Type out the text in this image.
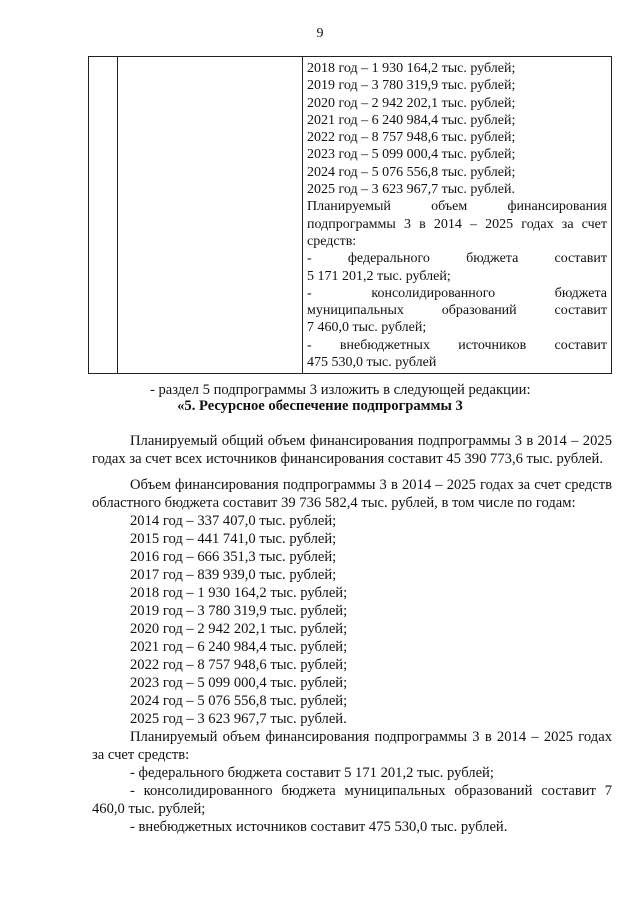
9

2018 год – 1 930 164,2 тыс. рублей;
2019 год – 3 780 319,9 тыс. рублей;
2020 год – 2 942 202,1 тыс. рублей;
2021 год – 6 240 984,4 тыс. рублей;
2022 год – 8 757 948,6 тыс. рублей;
2023 год – 5 099 000,4 тыс. рублей;
2024 год – 5 076 556,8 тыс. рублей;
2025 год – 3 623 967,7 тыс. рублей.
Планируемый объем финансирования
подпрограммы 3 в 2014 – 2025 годах за счет
средств:
- федерального бюджета составит
5 171 201,2 тыс. рублей;
- консолидированного бюджета
муниципальных образований составит
7 460,0 тыс. рублей;
- внебюджетных источников составит
475 530,0 тыс. рублей
- раздел 5 подпрограммы 3 изложить в следующей редакции:
«5. Ресурсное обеспечение подпрограммы 3
Планируемый общий объем финансирования подпрограммы 3 в 2014 – 2025 годах за счет всех источников финансирования составит 45 390 773,6 тыс. рублей.
Объем финансирования подпрограммы 3 в 2014 – 2025 годах за счет средств областного бюджета составит 39 736 582,4 тыс. рублей, в том числе по годам:
2014 год – 337 407,0 тыс. рублей;
2015 год – 441 741,0 тыс. рублей;
2016 год – 666 351,3 тыс. рублей;
2017 год – 839 939,0 тыс. рублей;
2018 год – 1 930 164,2 тыс. рублей;
2019 год – 3 780 319,9 тыс. рублей;
2020 год – 2 942 202,1 тыс. рублей;
2021 год – 6 240 984,4 тыс. рублей;
2022 год – 8 757 948,6 тыс. рублей;
2023 год – 5 099 000,4 тыс. рублей;
2024 год – 5 076 556,8 тыс. рублей;
2025 год – 3 623 967,7 тыс. рублей.
Планируемый объем финансирования подпрограммы 3 в 2014 – 2025 годах за счет средств:
- федерального бюджета составит 5 171 201,2 тыс. рублей;
- консолидированного бюджета муниципальных образований составит 7 460,0 тыс. рублей;
- внебюджетных источников составит 475 530,0 тыс. рублей.
